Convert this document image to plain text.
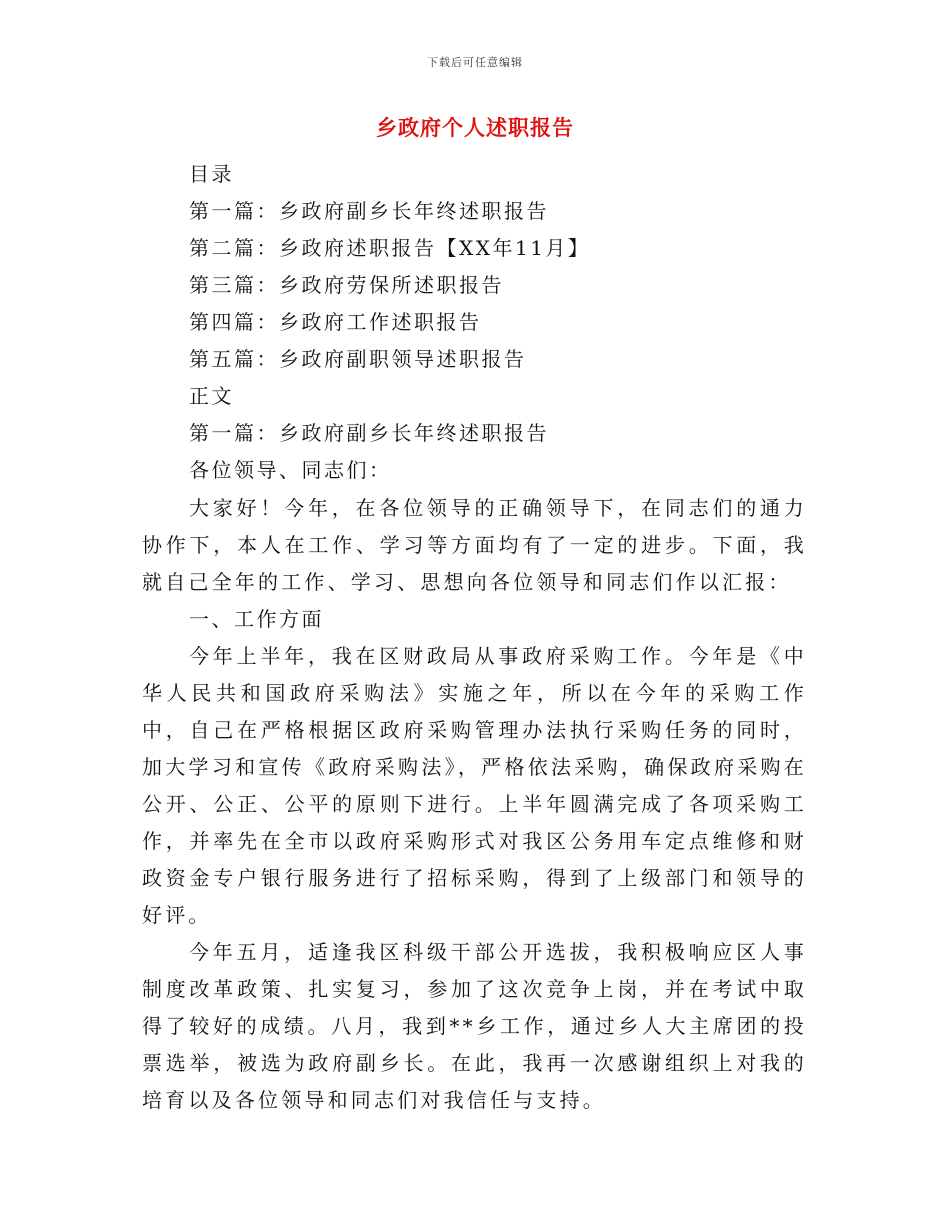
下载后可任意编辑
乡政府个人述职报告
目录
第一篇：乡政府副乡长年终述职报告
第二篇：乡政府述职报告【XX年11月】
第三篇：乡政府劳保所述职报告
第四篇：乡政府工作述职报告
第五篇：乡政府副职领导述职报告
正文
第一篇：乡政府副乡长年终述职报告
各位领导、同志们：

大家好！今年，在各位领导的正确领导下，在同志们的通力协作下，本人在工作、学习等方面均有了一定的进步。下面，我就自己全年的工作、学习、思想向各位领导和同志们作以汇报：

一、工作方面

今年上半年，我在区财政局从事政府采购工作。今年是《中华人民共和国政府采购法》实施之年，所以在今年的采购工作中，自己在严格根据区政府采购管理办法执行采购任务的同时，加大学习和宣传《政府采购法》，严格依法采购，确保政府采购在公开、公正、公平的原则下进行。上半年圆满完成了各项采购工作，并率先在全市以政府采购形式对我区公务用车定点维修和财政资金专户银行服务进行了招标采购，得到了上级部门和领导的好评。

今年五月，适逢我区科级干部公开选拔，我积极响应区人事制度改革政策、扎实复习，参加了这次竞争上岗，并在考试中取得了较好的成绩。八月，我到**乡工作，通过乡人大主席团的投票选举，被选为政府副乡长。在此，我再一次感谢组织上对我的培育以及各位领导和同志们对我信任与支持。
